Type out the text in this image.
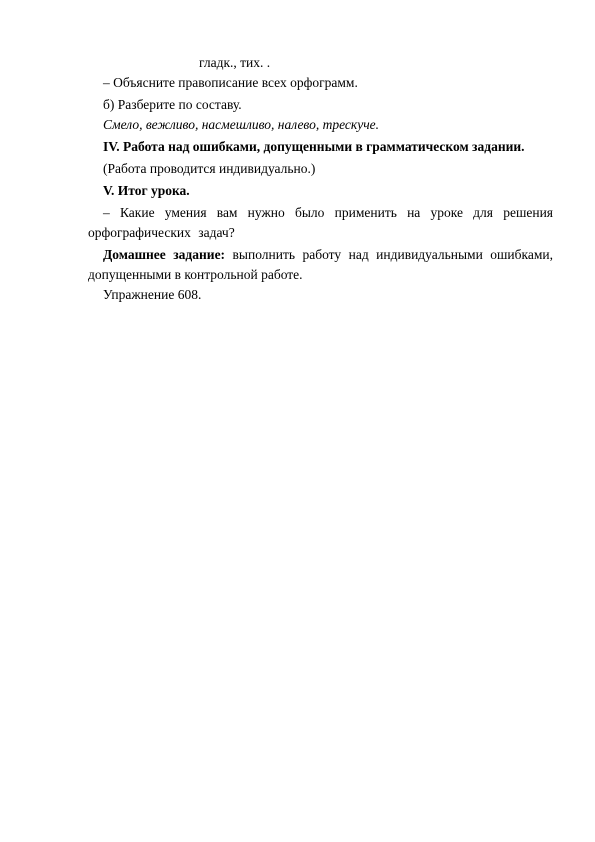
гладк., тих. .

– Объясните правописание всех орфограмм.

б) Разберите по составу.

Смело, вежливо, насмешливо, налево, трескуче.

IV. Работа над ошибками, допущенными в грамматическом задании.

(Работа проводится индивидуально.)

V. Итог урока.

– Какие умения вам нужно было применить на уроке для решения орфографических задач?

Домашнее задание: выполнить работу над индивидуальными ошибками, допущенными в контрольной работе.

Упражнение 608.
